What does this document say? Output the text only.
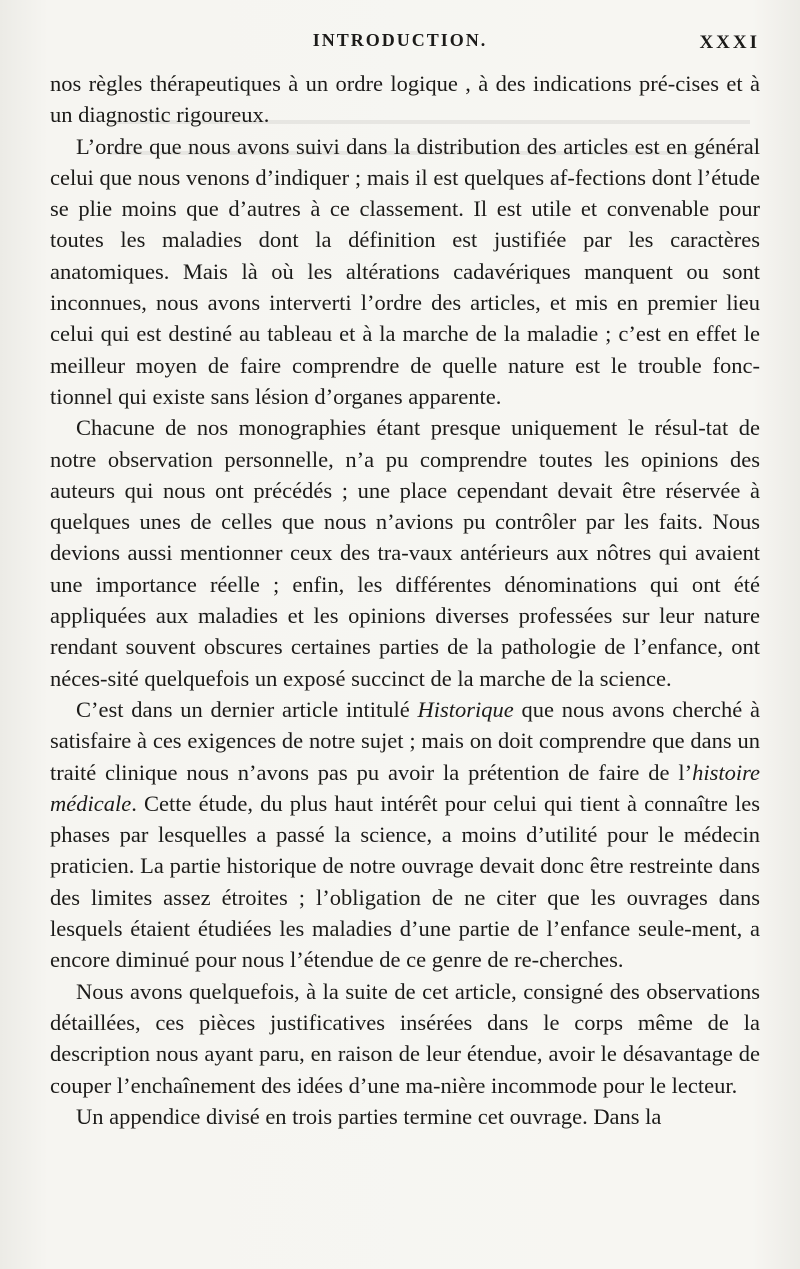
INTRODUCTION.	XXXI

nos règles thérapeutiques à un ordre logique , à des indications pré-cises et à un diagnostic rigoureux.

L’ordre que nous avons suivi dans la distribution des articles est en général celui que nous venons d’indiquer ; mais il est quelques af-fections dont l’étude se plie moins que d’autres à ce classement. Il est utile et convenable pour toutes les maladies dont la définition est justifiée par les caractères anatomiques. Mais là où les altérations cadavériques manquent ou sont inconnues, nous avons interverti l’ordre des articles, et mis en premier lieu celui qui est destiné au tableau et à la marche de la maladie ; c’est en effet le meilleur moyen de faire comprendre de quelle nature est le trouble fonc-tionnel qui existe sans lésion d’organes apparente.

Chacune de nos monographies étant presque uniquement le résul-tat de notre observation personnelle, n’a pu comprendre toutes les opinions des auteurs qui nous ont précédés ; une place cependant devait être réservée à quelques unes de celles que nous n’avions pu contrôler par les faits. Nous devions aussi mentionner ceux des tra-vaux antérieurs aux nôtres qui avaient une importance réelle ; enfin, les différentes dénominations qui ont été appliquées aux maladies et les opinions diverses professées sur leur nature rendant souvent obscures certaines parties de la pathologie de l’enfance, ont néces-sité quelquefois un exposé succinct de la marche de la science.

C’est dans un dernier article intitulé Historique que nous avons cherché à satisfaire à ces exigences de notre sujet ; mais on doit comprendre que dans un traité clinique nous n’avons pas pu avoir la prétention de faire de l’histoire médicale. Cette étude, du plus haut intérêt pour celui qui tient à connaître les phases par lesquelles a passé la science, a moins d’utilité pour le médecin praticien. La partie historique de notre ouvrage devait donc être restreinte dans des limites assez étroites ; l’obligation de ne citer que les ouvrages dans lesquels étaient étudiées les maladies d’une partie de l’enfance seule-ment, a encore diminué pour nous l’étendue de ce genre de re-cherches.

Nous avons quelquefois, à la suite de cet article, consigné des observations détaillées, ces pièces justificatives insérées dans le corps même de la description nous ayant paru, en raison de leur étendue, avoir le désavantage de couper l’enchaînement des idées d’une ma-nière incommode pour le lecteur.

Un appendice divisé en trois parties termine cet ouvrage. Dans la
